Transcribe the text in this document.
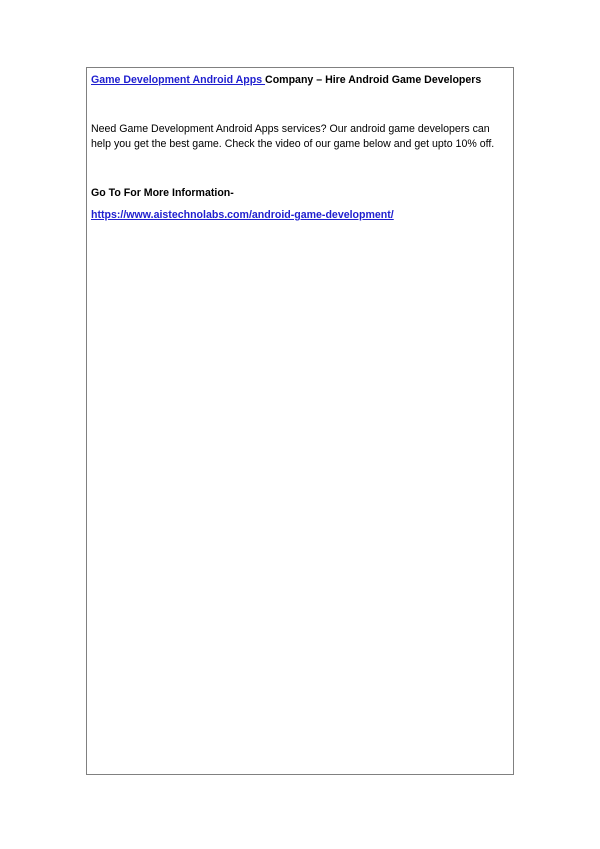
Game Development Android Apps Company – Hire Android Game Developers
Need Game Development Android Apps services? Our android game developers can help you get the best game. Check the video of our game below and get upto 10% off.
Go To For More Information-
https://www.aistechnolabs.com/android-game-development/
